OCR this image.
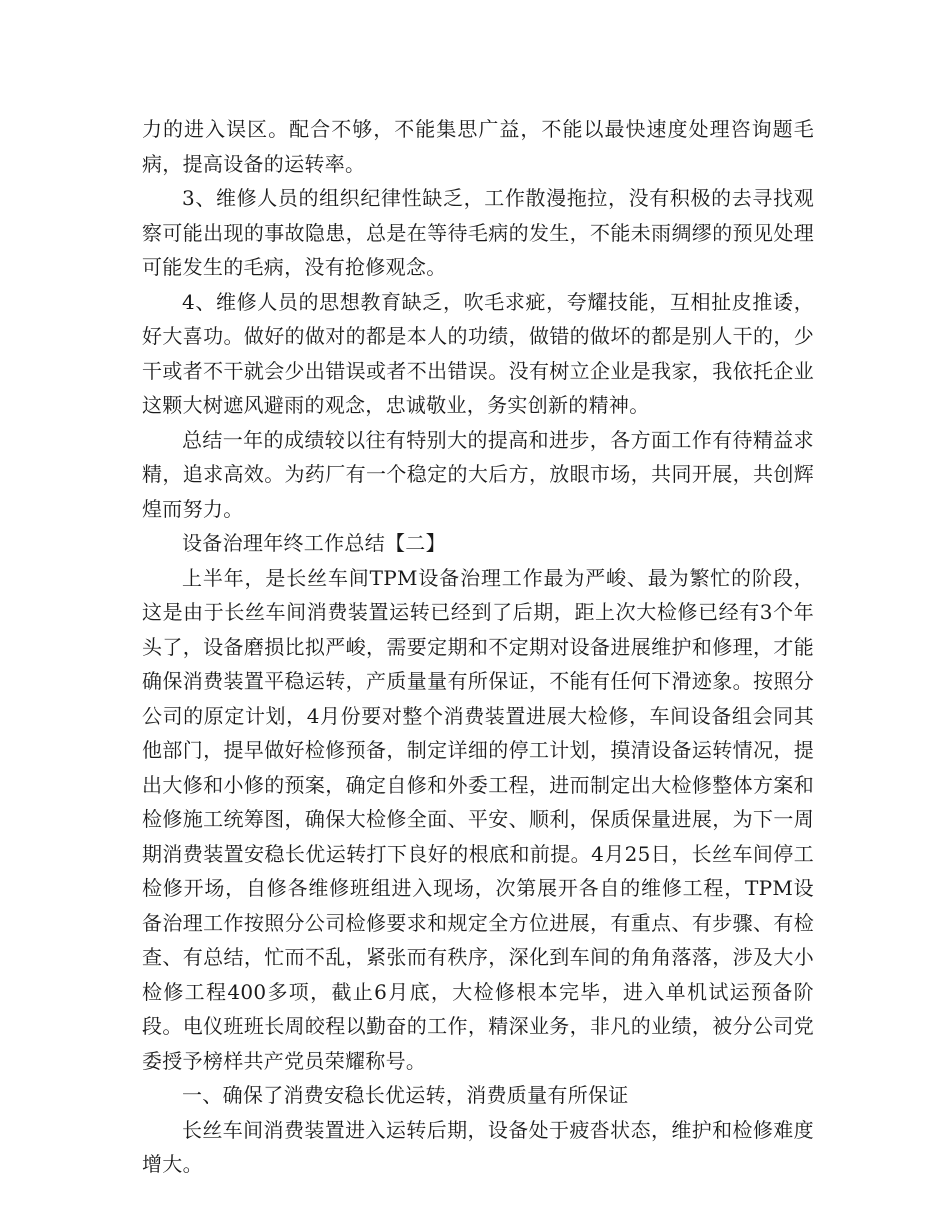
力的进入误区。配合不够，不能集思广益，不能以最快速度处理咨询题毛病，提高设备的运转率。

3、维修人员的组织纪律性缺乏，工作散漫拖拉，没有积极的去寻找观察可能出现的事故隐患，总是在等待毛病的发生，不能未雨绸缪的预见处理可能发生的毛病，没有抢修观念。

4、维修人员的思想教育缺乏，吹毛求疵，夸耀技能，互相扯皮推诿，好大喜功。做好的做对的都是本人的功绩，做错的做坏的都是别人干的，少干或者不干就会少出错误或者不出错误。没有树立企业是我家，我依托企业这颗大树遮风避雨的观念，忠诚敬业，务实创新的精神。

总结一年的成绩较以往有特别大的提高和进步，各方面工作有待精益求精，追求高效。为药厂有一个稳定的大后方，放眼市场，共同开展，共创辉煌而努力。

设备治理年终工作总结【二】

上半年，是长丝车间TPM设备治理工作最为严峻、最为繁忙的阶段，这是由于长丝车间消费装置运转已经到了后期，距上次大检修已经有3个年头了，设备磨损比拟严峻，需要定期和不定期对设备进展维护和修理，才能确保消费装置平稳运转，产质量量有所保证，不能有任何下滑迹象。按照分公司的原定计划，4月份要对整个消费装置进展大检修，车间设备组会同其他部门，提早做好检修预备，制定详细的停工计划，摸清设备运转情况，提出大修和小修的预案，确定自修和外委工程，进而制定出大检修整体方案和检修施工统筹图，确保大检修全面、平安、顺利，保质保量进展，为下一周期消费装置安稳长优运转打下良好的根底和前提。4月25日，长丝车间停工检修开场，自修各维修班组进入现场，次第展开各自的维修工程，TPM设备治理工作按照分公司检修要求和规定全方位进展，有重点、有步骤、有检查、有总结，忙而不乱，紧张而有秩序，深化到车间的角角落落，涉及大小检修工程400多项，截止6月底，大检修根本完毕，进入单机试运预备阶段。电仪班班长周皎程以勤奋的工作，精深业务，非凡的业绩，被分公司党委授予榜样共产党员荣耀称号。

一、确保了消费安稳长优运转，消费质量有所保证

长丝车间消费装置进入运转后期，设备处于疲沓状态，维护和检修难度增大。
